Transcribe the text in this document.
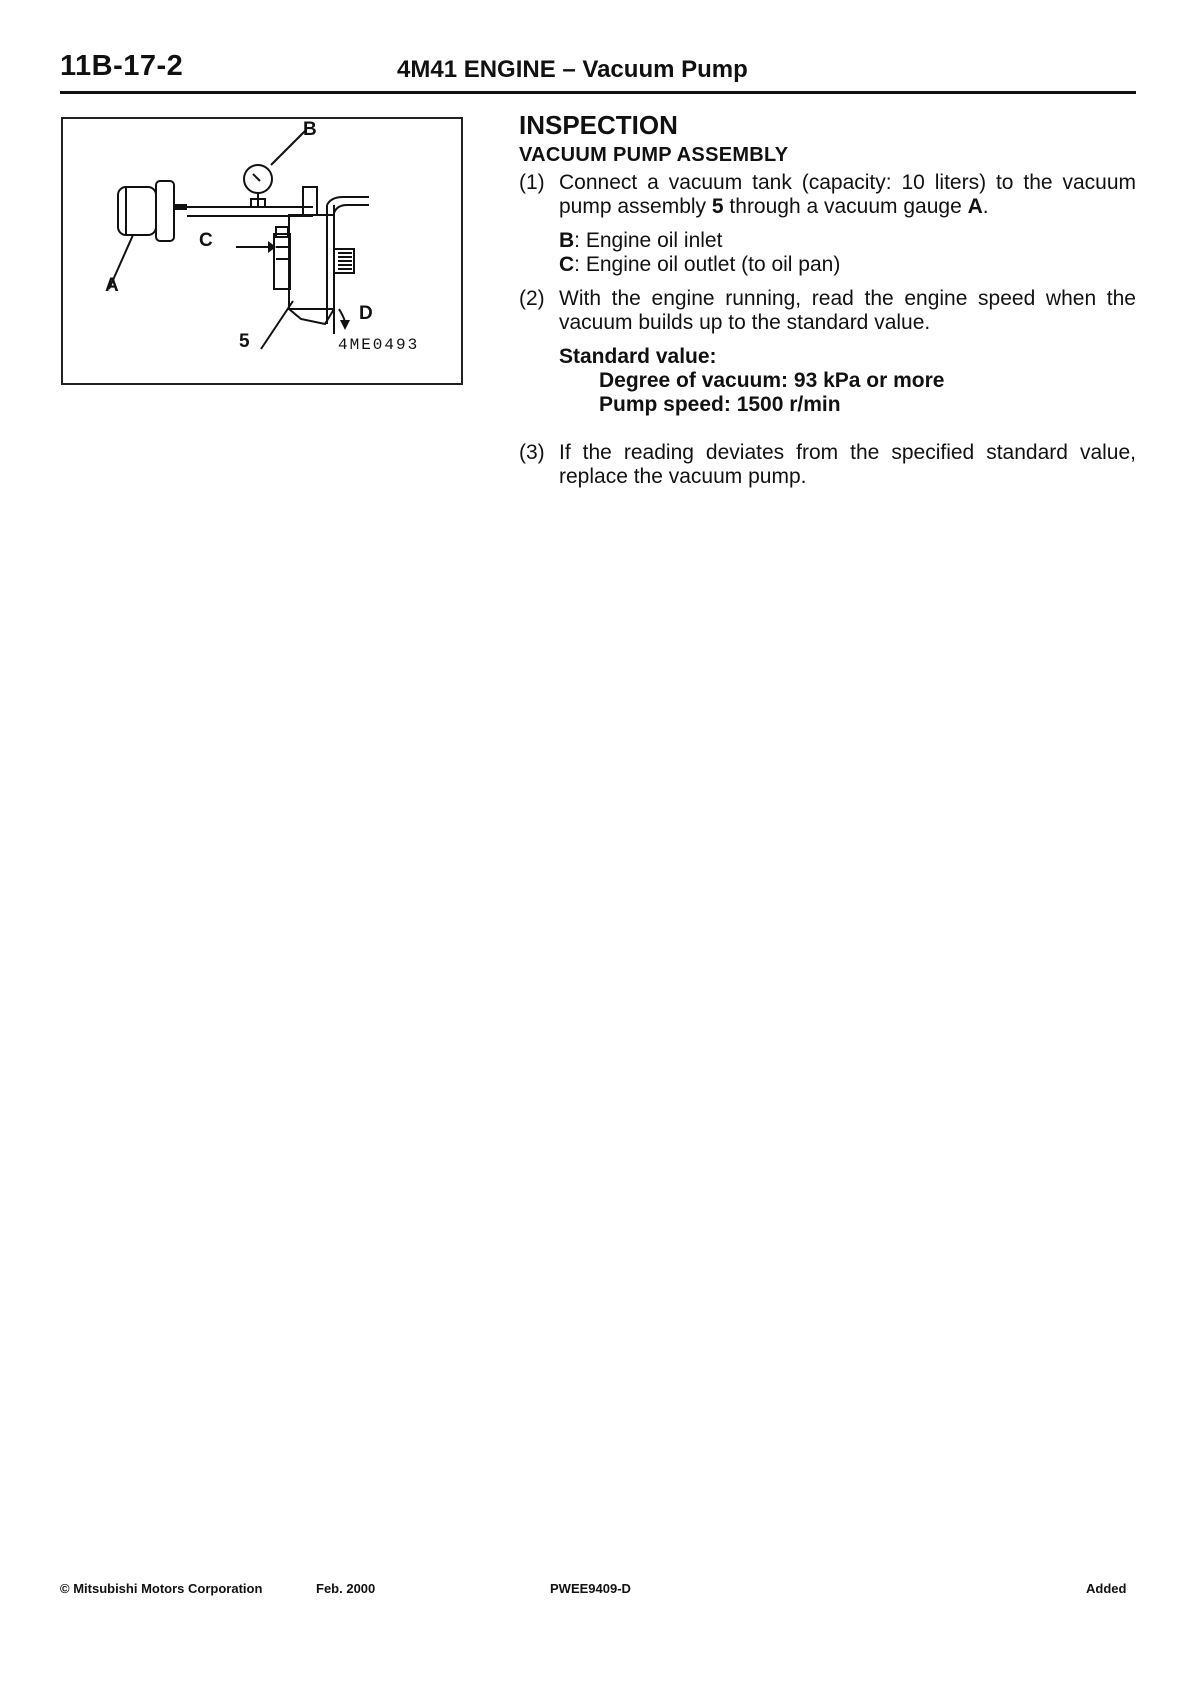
11B-17-2	4M41 ENGINE – Vacuum Pump
B
C
A
D
5	4ME0493
INSPECTION
VACUUM PUMP ASSEMBLY
(1) Connect a vacuum tank (capacity: 10 liters) to the vacuum pump assembly 5 through a vacuum gauge A.

B: Engine oil inlet

C: Engine oil outlet (to oil pan)

(2) With the engine running, read the engine speed when the vacuum builds up to the standard value.

Standard value:
Degree of vacuum: 93 kPa or more
Pump speed: 1500 r/min
(3) If the reading deviates from the specified standard value, replace the vacuum pump.

© Mitsubishi Motors Corporation	Feb. 2000	PWEE9409-D	Added
